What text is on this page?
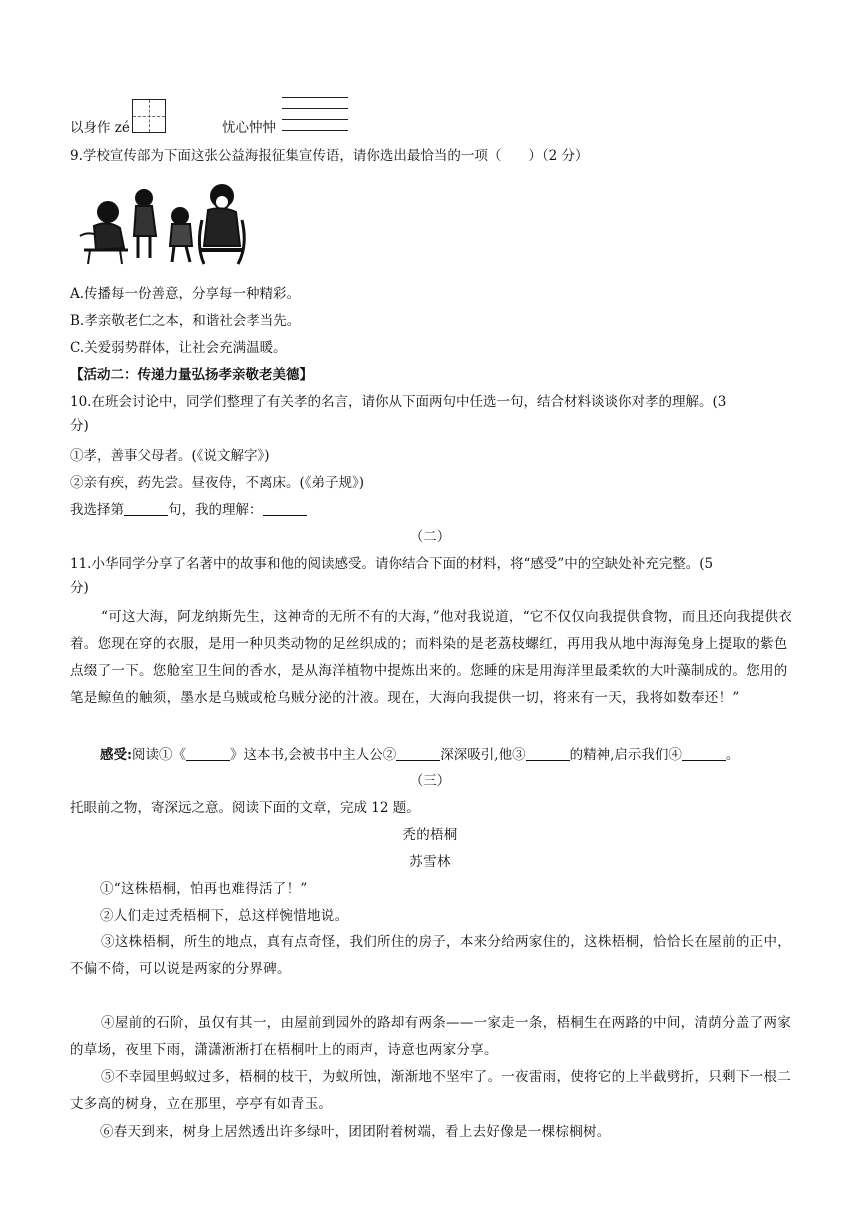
以身作 zé	忧心忡忡
9.学校宣传部为下面这张公益海报征集宣传语，请你选出最恰当的一项（　　）（2 分）
A.传播每一份善意，分享每一种精彩。
B.孝亲敬老仁之本，和谐社会孝当先。
C.关爱弱势群体，让社会充满温暖。
【活动二：传递力量弘扬孝亲敬老美德】
10.在班会讨论中，同学们整理了有关孝的名言，请你从下面两句中任选一句，结合材料谈谈你对孝的理解。(3
分)
①孝，善事父母者。(《说文解字》)
②亲有疾，药先尝。昼夜侍，不离床。(《弟子规》)
我选择第	句，我的理解：
（二）
11.小华同学分享了名著中的故事和他的阅读感受。请你结合下面的材料，将“感受”中的空缺处补充完整。(5
分)
“可这大海，阿龙纳斯先生，这神奇的无所不有的大海，”他对我说道，“它不仅仅向我提供食物，而且还向我提供衣着。您现在穿的衣服，是用一种贝类动物的足丝织成的；而料染的是老荔枝螺红，再用我从地中海海兔身上提取的紫色点缀了一下。您舱室卫生间的香水，是从海洋植物中提炼出来的。您睡的床是用海洋里最柔软的大叶藻制成的。您用的笔是鲸鱼的触须，墨水是乌贼或枪乌贼分泌的汁液。现在，大海向我提供一切，将来有一天，我将如数奉还！”
感受:阅读①《	》这本书,会被书中主人公②	深深吸引,他③	的精神,启示我们④	。
（三）
托眼前之物，寄深远之意。阅读下面的文章，完成 12 题。
秃的梧桐
苏雪林
①“这株梧桐，怕再也难得活了！”
②人们走过秃梧桐下，总这样惋惜地说。
③这株梧桐，所生的地点，真有点奇怪，我们所住的房子，本来分给两家住的，这株梧桐，恰恰长在屋前的正中，不偏不倚，可以说是两家的分界碑。
④屋前的石阶，虽仅有其一，由屋前到园外的路却有两条——一家走一条，梧桐生在两路的中间，清荫分盖了两家的草场，夜里下雨，潇潇淅淅打在梧桐叶上的雨声，诗意也两家分享。
⑤不幸园里蚂蚁过多，梧桐的枝干，为蚁所蚀，渐渐地不坚牢了。一夜雷雨，使将它的上半截劈折，只剩下一根二丈多高的树身，立在那里，亭亭有如青玉。
⑥春天到来，树身上居然透出许多绿叶，团团附着树端，看上去好像是一棵棕榈树。
